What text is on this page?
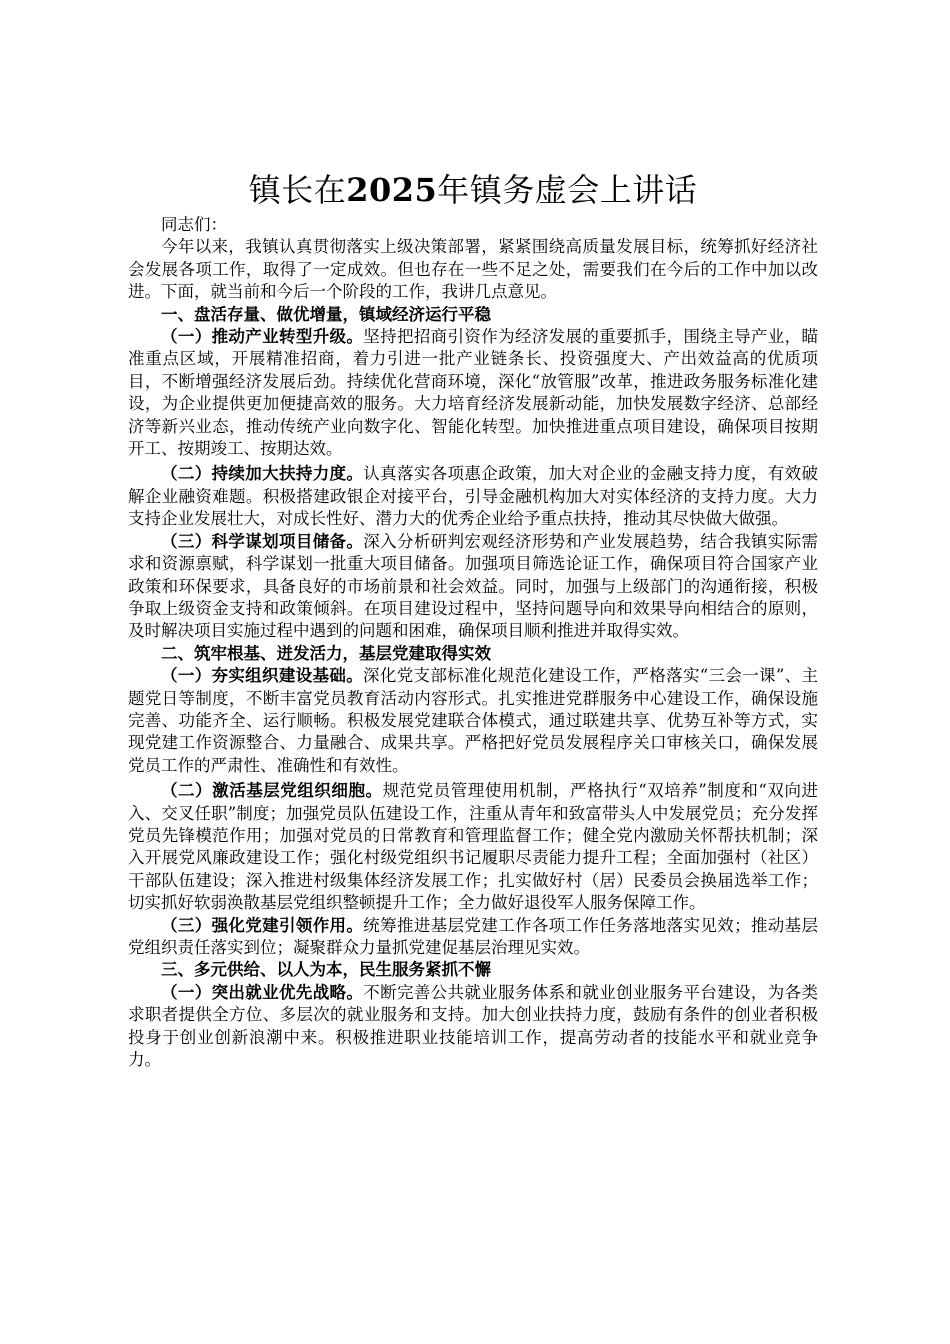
镇长在2025年镇务虚会上讲话

同志们：

今年以来，我镇认真贯彻落实上级决策部署，紧紧围绕高质量发展目标，统筹抓好经济社会发展各项工作，取得了一定成效。但也存在一些不足之处，需要我们在今后的工作中加以改进。下面，就当前和今后一个阶段的工作，我讲几点意见。

一、盘活存量、做优增量，镇域经济运行平稳

（一）推动产业转型升级。坚持把招商引资作为经济发展的重要抓手，围绕主导产业，瞄准重点区域，开展精准招商，着力引进一批产业链条长、投资强度大、产出效益高的优质项目，不断增强经济发展后劲。持续优化营商环境，深化“放管服”改革，推进政务服务标准化建设，为企业提供更加便捷高效的服务。大力培育经济发展新动能，加快发展数字经济、总部经济等新兴业态，推动传统产业向数字化、智能化转型。加快推进重点项目建设，确保项目按期开工、按期竣工、按期达效。

（二）持续加大扶持力度。认真落实各项惠企政策，加大对企业的金融支持力度，有效破解企业融资难题。积极搭建政银企对接平台，引导金融机构加大对实体经济的支持力度。大力支持企业发展壮大，对成长性好、潜力大的优秀企业给予重点扶持，推动其尽快做大做强。

（三）科学谋划项目储备。深入分析研判宏观经济形势和产业发展趋势，结合我镇实际需求和资源禀赋，科学谋划一批重大项目储备。加强项目筛选论证工作，确保项目符合国家产业政策和环保要求，具备良好的市场前景和社会效益。同时，加强与上级部门的沟通衔接，积极争取上级资金支持和政策倾斜。在项目建设过程中，坚持问题导向和效果导向相结合的原则，及时解决项目实施过程中遇到的问题和困难，确保项目顺利推进并取得实效。

二、筑牢根基、迸发活力，基层党建取得实效

（一）夯实组织建设基础。深化党支部标准化规范化建设工作，严格落实“三会一课”、主题党日等制度，不断丰富党员教育活动内容形式。扎实推进党群服务中心建设工作，确保设施完善、功能齐全、运行顺畅。积极发展党建联合体模式，通过联建共享、优势互补等方式，实现党建工作资源整合、力量融合、成果共享。严格把好党员发展程序关口审核关口，确保发展党员工作的严肃性、准确性和有效性。

（二）激活基层党组织细胞。规范党员管理使用机制，严格执行“双培养”制度和“双向进入、交叉任职”制度；加强党员队伍建设工作，注重从青年和致富带头人中发展党员；充分发挥党员先锋模范作用；加强对党员的日常教育和管理监督工作；健全党内激励关怀帮扶机制；深入开展党风廉政建设工作；强化村级党组织书记履职尽责能力提升工程；全面加强村（社区）干部队伍建设；深入推进村级集体经济发展工作；扎实做好村（居）民委员会换届选举工作；切实抓好软弱涣散基层党组织整顿提升工作；全力做好退役军人服务保障工作。

（三）强化党建引领作用。统筹推进基层党建工作各项工作任务落地落实见效；推动基层党组织责任落实到位；凝聚群众力量抓党建促基层治理见实效。

三、多元供给、以人为本，民生服务紧抓不懈

（一）突出就业优先战略。不断完善公共就业服务体系和就业创业服务平台建设，为各类求职者提供全方位、多层次的就业服务和支持。加大创业扶持力度，鼓励有条件的创业者积极投身于创业创新浪潮中来。积极推进职业技能培训工作，提高劳动者的技能水平和就业竞争力。
